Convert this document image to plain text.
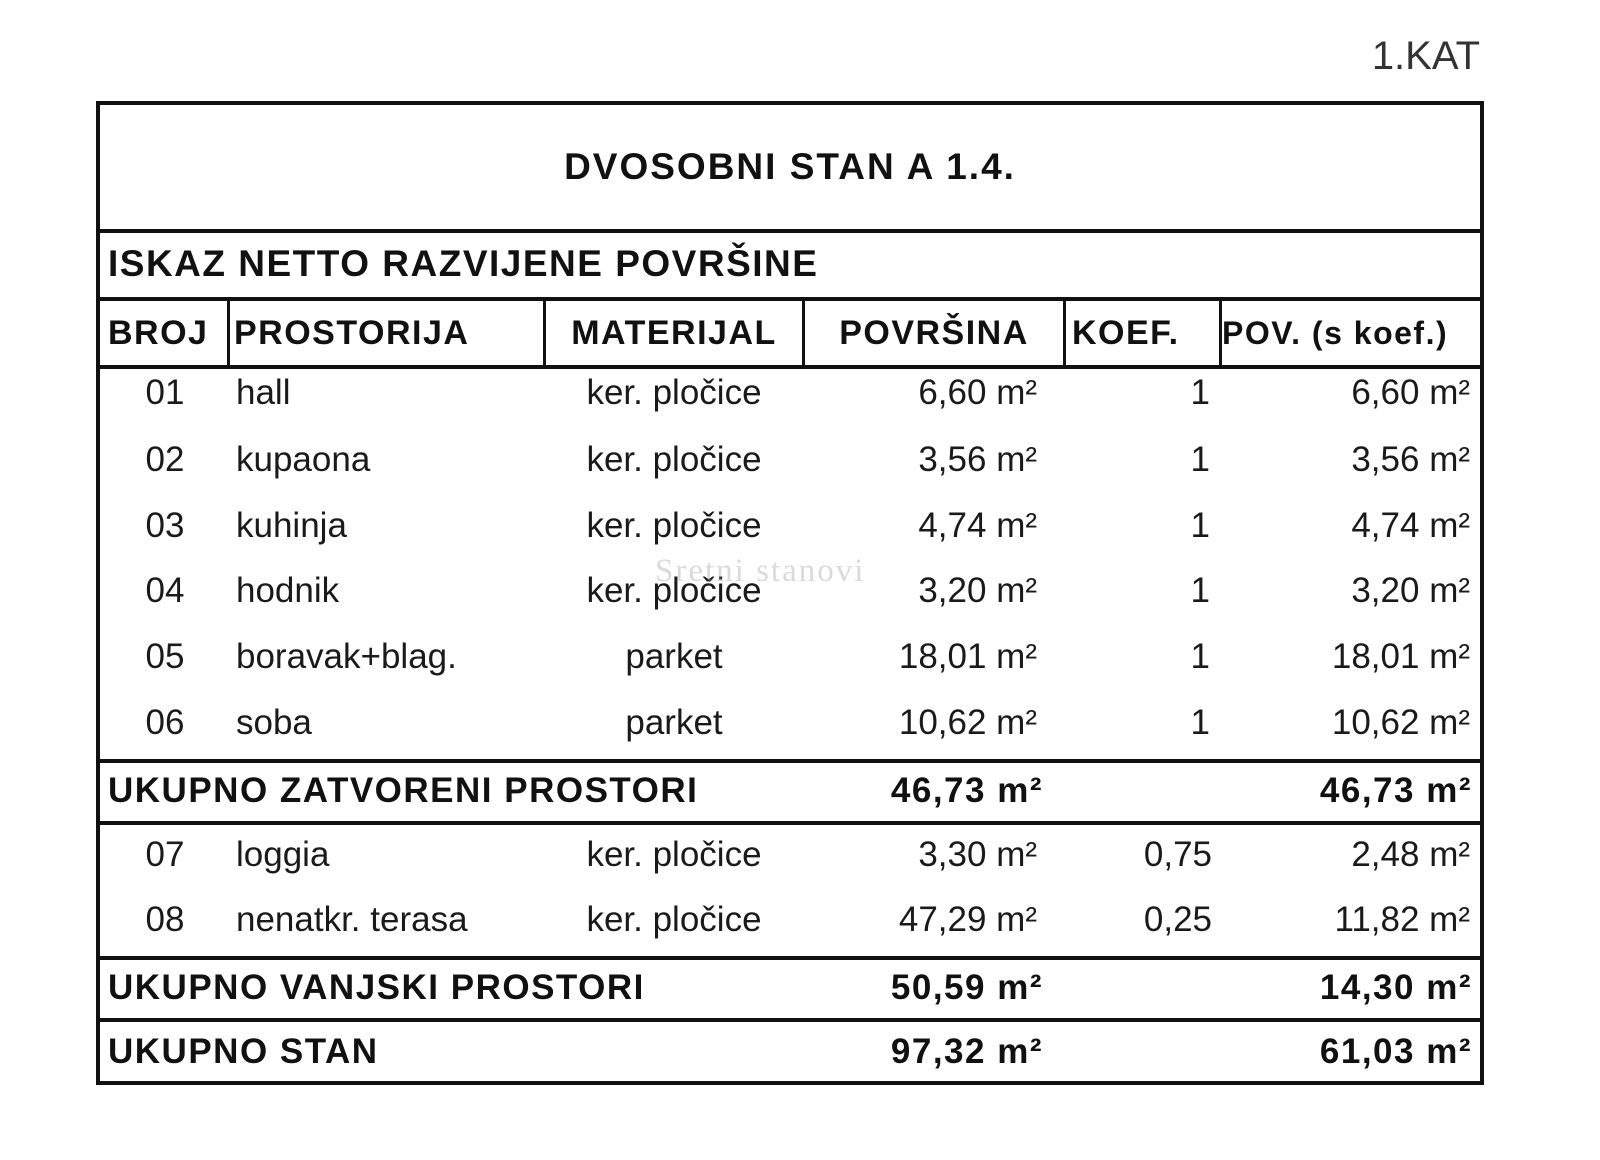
1.KAT
DVOSOBNI STAN A 1.4.
ISKAZ NETTO RAZVIJENE POVRŠINE
BROJ PROSTORIJA	MATERIJAL	POVRŠINA	KOEF.	POV. (s koef.)
01	hall	ker. pločice	6,60 m²	1	6,60 m²
02	kupaona	ker. pločice	3,56 m²	1	3,56 m²
03	kuhinja	ker. pločice	4,74 m²	1	4,74 m²
04	hodnik	ker. pločice	3,20 m²	1	3,20 m²
05	boravak+blag.	parket	18,01 m²	1	18,01 m²
06	soba	parket	10,62 m²	1	10,62 m²
Sretni stanovi
UKUPNO ZATVORENI PROSTORI	46,73 m²	46,73 m²
07	loggia	ker. pločice	3,30 m²	0,75	2,48 m²
08	nenatkr. terasa	ker. pločice	47,29 m²	0,25	11,82 m²
UKUPNO VANJSKI PROSTORI	50,59 m²	14,30 m²
UKUPNO STAN	97,32 m²	61,03 m²
